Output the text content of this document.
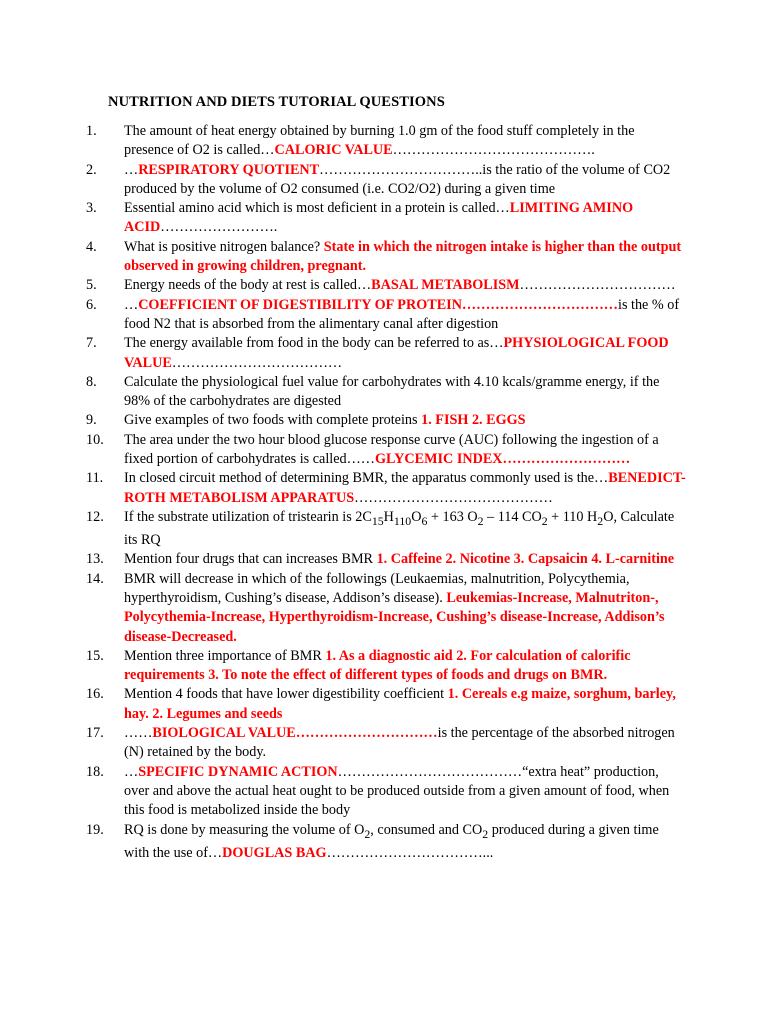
NUTRITION AND DIETS TUTORIAL QUESTIONS
1.	The amount of heat energy obtained by burning 1.0 gm of the food stuff completely in the presence of O2 is called…CALORIC VALUE…………………………………….
2.	…RESPIRATORY QUOTIENT……………………………..is the ratio of the volume of CO2 produced by the volume of O2 consumed (i.e. CO2/O2) during a given time
3.	Essential amino acid which is most deficient in a protein is called…LIMITING AMINO ACID…………………….
4.	What is positive nitrogen balance? State in which the nitrogen intake is higher than the output observed in growing children, pregnant.
5.	Energy needs of the body at rest is called…BASAL METABOLISM……………………………
6.	…COEFFICIENT OF DIGESTIBILITY OF PROTEIN……………………………is the % of food N2 that is absorbed from the alimentary canal after digestion
7.	The energy available from food in the body can be referred to as…PHYSIOLOGICAL FOOD VALUE………………………………
8.	Calculate the physiological fuel value for carbohydrates with 4.10 kcals/gramme energy, if the 98% of the carbohydrates are digested
9.	Give examples of two foods with complete proteins 1. FISH 2. EGGS
10.	The area under the two hour blood glucose response curve (AUC) following the ingestion of a fixed portion of carbohydrates is called……GLYCEMIC INDEX………………………
11.	In closed circuit method of determining BMR, the apparatus commonly used is the…BENEDICT-ROTH METABOLISM APPARATUS……………………………………
12.	If the substrate utilization of tristearin is $2C_{15}H_{110}O_6 + 163$ $O_2 - 114$ $CO_2 + 110$ $H_2O$, Calculate its RQ
13.	Mention four drugs that can increases BMR 1. Caffeine 2. Nicotine 3. Capsaicin 4. L-carnitine
14.	BMR will decrease in which of the followings (Leukaemias, malnutrition, Polycythemia, hyperthyroidism, Cushing’s disease, Addison’s disease). Leukemias-Increase, Malnutriton-, Polycythemia-Increase, Hyperthyroidism-Increase, Cushing’s disease-Increase, Addison’s disease-Decreased.
15.	Mention three importance of BMR 1. As a diagnostic aid 2. For calculation of calorific requirements 3. To note the effect of different types of foods and drugs on BMR.
16.	Mention 4 foods that have lower digestibility coefficient 1. Cereals e.g maize, sorghum, barley, hay. 2. Legumes and seeds
17.	……BIOLOGICAL VALUE…………………………is the percentage of the absorbed nitrogen (N) retained by the body.
18.	…SPECIFIC DYNAMIC ACTION…………………………………“extra heat” production, over and above the actual heat ought to be produced outside from a given amount of food, when this food is metabolized inside the body
19.	RQ is done by measuring the volume of $O_2$, consumed and $CO_2$ produced during a given time with the use of…DOUGLAS BAG……………………………...
